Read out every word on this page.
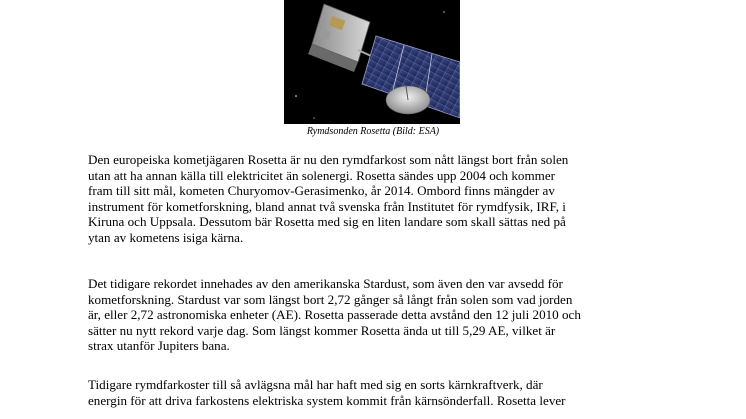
Rymdsonden Rosetta (Bild: ESA)

Den europeiska kometjägaren Rosetta är nu den rymdfarkost som nått längst bort från solen
utan att ha annan källa till elektricitet än solenergi. Rosetta sändes upp 2004 och kommer
fram till sitt mål, kometen Churyomov-Gerasimenko, år 2014. Ombord finns mängder av
instrument för kometforskning, bland annat två svenska från Institutet för rymdfysik, IRF, i
Kiruna och Uppsala. Dessutom bär Rosetta med sig en liten landare som skall sättas ned på
ytan av kometens isiga kärna.

Det tidigare rekordet innehades av den amerikanska Stardust, som även den var avsedd för
kometforskning. Stardust var som längst bort 2,72 gånger så långt från solen som vad jorden
är, eller 2,72 astronomiska enheter (AE). Rosetta passerade detta avstånd den 12 juli 2010 och
sätter nu nytt rekord varje dag. Som längst kommer Rosetta ända ut till 5,29 AE, vilket är
strax utanför Jupiters bana.

Tidigare rymdfarkoster till så avlägsna mål har haft med sig en sorts kärnkraftverk, där
energin för att driva farkostens elektriska system kommit från kärnsönderfall. Rosetta lever
